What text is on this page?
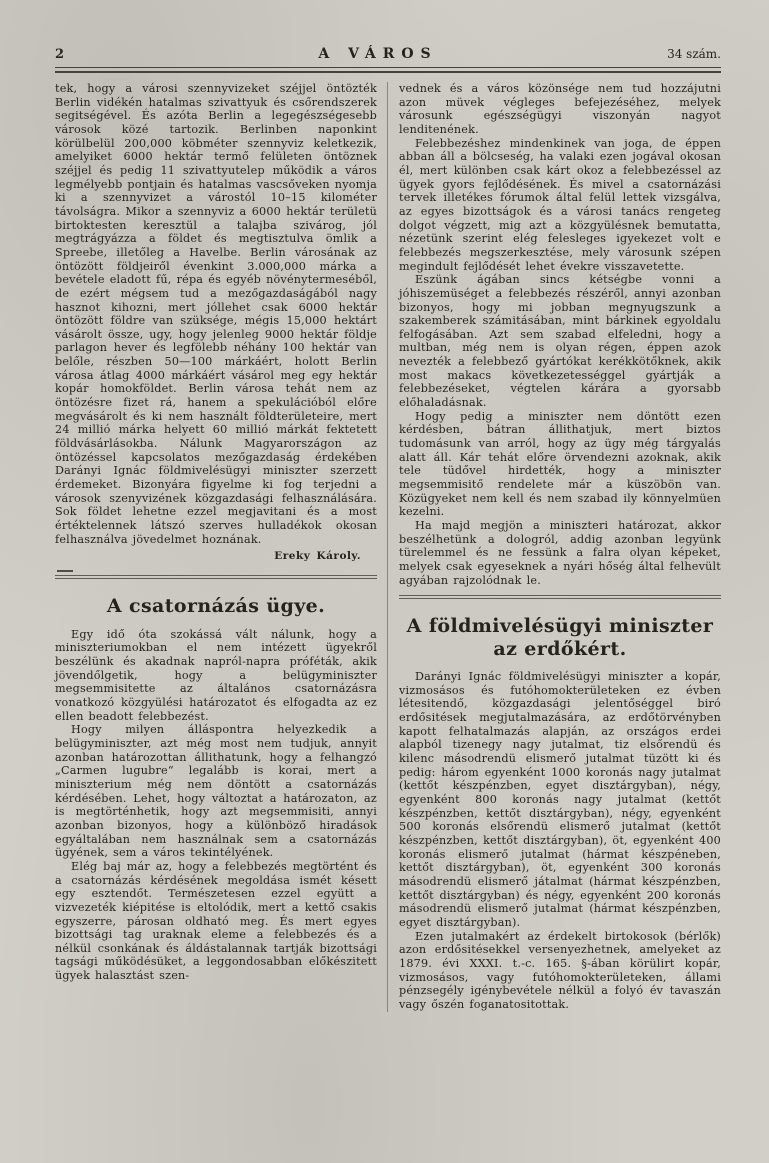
2	A VÁROS	34 szám.

tek, hogy a városi szennyvizeket széjjel öntözték Berlin vidékén hatalmas szivattyuk és csőrendszerek segitségével. És azóta Berlin a legegészségesebb városok közé tartozik. Berlinben naponkint körülbelül 200,000 köbméter szennyviz keletkezik, amelyiket 6000 hektár termő felületen öntöznek széjjel és pedig 11 szivattyutelep működik a város legmélyebb pontjain és hatalmas vascsőveken nyomja ki a szennyvizet a várostól 10–15 kilométer távolságra. Mikor a szennyviz a 6000 hektár területü birtoktesten keresztül a talajba szivárog, jól megtrágyázza a földet és megtisztulva ömlik a Spreebe, illetőleg a Havelbe. Berlin városának az öntözött földjeiről évenkint 3.000,000 márka a bevétele eladott fű, répa és egyéb növénytermeséből, de ezért mégsem tud a mezőgazdaságából nagy hasznot kihozni, mert jóllehet csak 6000 hektár öntözött földre van szüksége, mégis 15,000 hektárt vásárolt össze, ugy, hogy jelenleg 9000 hektár földje parlagon hever és legfölebb néhány 100 hektár van belőle, részben 50—100 márkáért, holott Berlin városa átlag 4000 márkáért vásárol meg egy hektár kopár homokföldet. Berlin városa tehát nem az öntözésre fizet rá, hanem a spekulációból előre megvásárolt és ki nem használt földterületeire, mert 24 millió márka helyett 60 millió márkát fektetett földvásárlásokba. Nálunk Magyarországon az öntözéssel kapcsolatos mezőgazdaság érdekében Darányi Ignác földmivelésügyi miniszter szerzett érdemeket. Bizonyára figyelme ki fog terjedni a városok szenyvizének közgazdasági felhasználására. Sok földet lehetne ezzel megjavitani és a most értéktelennek látszó szerves hulladékok okosan felhasználva jövedelmet hoznának.

Ereky Károly.
A csatornázás ügye.

Egy idő óta szokássá vált nálunk, hogy a miniszteriumokban el nem intézett ügyekről beszélünk és akadnak napról-napra próféták, akik jövendőlgetik, hogy a belügyminiszter megsemmisitette az általános csatornázásra vonatkozó közgyülési határozatot és elfogadta az ez ellen beadott felebbezést.

Hogy milyen álláspontra helyezkedik a belügyminiszter, azt még most nem tudjuk, annyit azonban határozottan állithatunk, hogy a felhangzó „Carmen lugubre“ legalább is korai, mert a miniszterium még nem döntött a csatornázás kérdésében. Lehet, hogy változtat a határozaton, az is megtörténhetik, hogy azt megsemmisiti, annyi azonban bizonyos, hogy a különböző hiradások egyáltalában nem használnak sem a csatornázás ügyének, sem a város tekintélyének.

Elég baj már az, hogy a felebbezés megtörtént és a csatornázás kérdésének megoldása ismét késett egy esztendőt. Természetesen ezzel együtt a vizvezeték kiépitése is eltolódik, mert a kettő csakis egyszerre, párosan oldható meg. És mert egyes bizottsági tag uraknak eleme a felebbezés és a nélkül csonkának és áldástalannak tartják bizottsági tagsági működésüket, a leggondosabban előkészitett ügyek halasztást szen-

vednek és a város közönsége nem tud hozzájutni azon müvek végleges befejezéséhez, melyek városunk egészségügyi viszonyán nagyot lenditenének.

Felebbezéshez mindenkinek van joga, de éppen abban áll a bölcseség, ha valaki ezen jogával okosan él, mert különben csak kárt okoz a felebbezéssel az ügyek gyors fejlődésének. És mivel a csatornázási tervek illetékes fórumok által felül lettek vizsgálva, az egyes bizottságok és a városi tanács rengeteg dolgot végzett, mig azt a közgyülésnek bemutatta, nézetünk szerint elég felesleges igyekezet volt e felebbezés megszerkesztése, mely városunk szépen megindult fejlődését lehet évekre visszavetette.

Eszünk ágában sincs kétségbe vonni a jóhiszemüséget a felebbezés részéről, annyi azonban bizonyos, hogy mi jobban megnyugszunk a szakemberek számitásában, mint bárkinek egyoldalu felfogásában. Azt sem szabad elfeledni, hogy a multban, még nem is olyan régen, éppen azok nevezték a felebbező gyártókat kerékkötőknek, akik most makacs következetességgel gyártják a felebbezéseket, végtelen kárára a gyorsabb előhaladásnak.

Hogy pedig a miniszter nem döntött ezen kérdésben, bátran állithatjuk, mert biztos tudomásunk van arról, hogy az ügy még tárgyalás alatt áll. Kár tehát előre örvendezni azoknak, akik tele tüdővel hirdették, hogy a miniszter megsemmisitő rendelete már a küszöbön van. Közügyeket nem kell és nem szabad ily könnyelmüen kezelni.

Ha majd megjön a miniszteri határozat, akkor beszélhetünk a dologról, addig azonban legyünk türelemmel és ne fessünk a falra olyan képeket, melyek csak egyeseknek a nyári hőség által felhevült agyában rajzolódnak le.

A földmivelésügyi miniszter az erdőkért.

Darányi Ignác földmivelésügyi miniszter a kopár, vizmosásos és futóhomokterületeken ez évben létesitendő, közgazdasági jelentőséggel biró erdősitések megjutalmazására, az erdőtörvényben kapott felhatalmazás alapján, az országos erdei alapból tizenegy nagy jutalmat, tiz elsőrendü és kilenc másodrendü elismerő jutalmat tüzött ki és pedig: három egyenként 1000 koronás nagy jutalmat (kettőt készpénzben, egyet disztárgyban), négy, egyenként 800 koronás nagy jutalmat (kettőt készpénzben, kettőt disztárgyban), négy, egyenként 500 koronás elsőrendü elismerő jutalmat (kettőt készpénzben, kettőt disztárgyban), öt, egyenként 400 koronás elismerő jutalmat (hármat készpéneben, kettőt disztárgyban), öt, egyenként 300 koronás másodrendü elismerő játalmat (hármat készpénzben, kettőt disztárgyban) és négy, egyenként 200 koronás másodrendü elismerő jutalmat (hármat készpénzben, egyet disztárgyban).

Ezen jutalmakért az érdekelt birtokosok (bérlők) azon erdősitésekkel versenyezhetnek, amelyeket az 1879. évi XXXI. t.-c. 165. §-ában körülirt kopár, vizmosásos, vagy futóhomokterületeken, állami pénzsegély igénybevétele nélkül a folyó év tavaszán vagy őszén foganatositottak.
